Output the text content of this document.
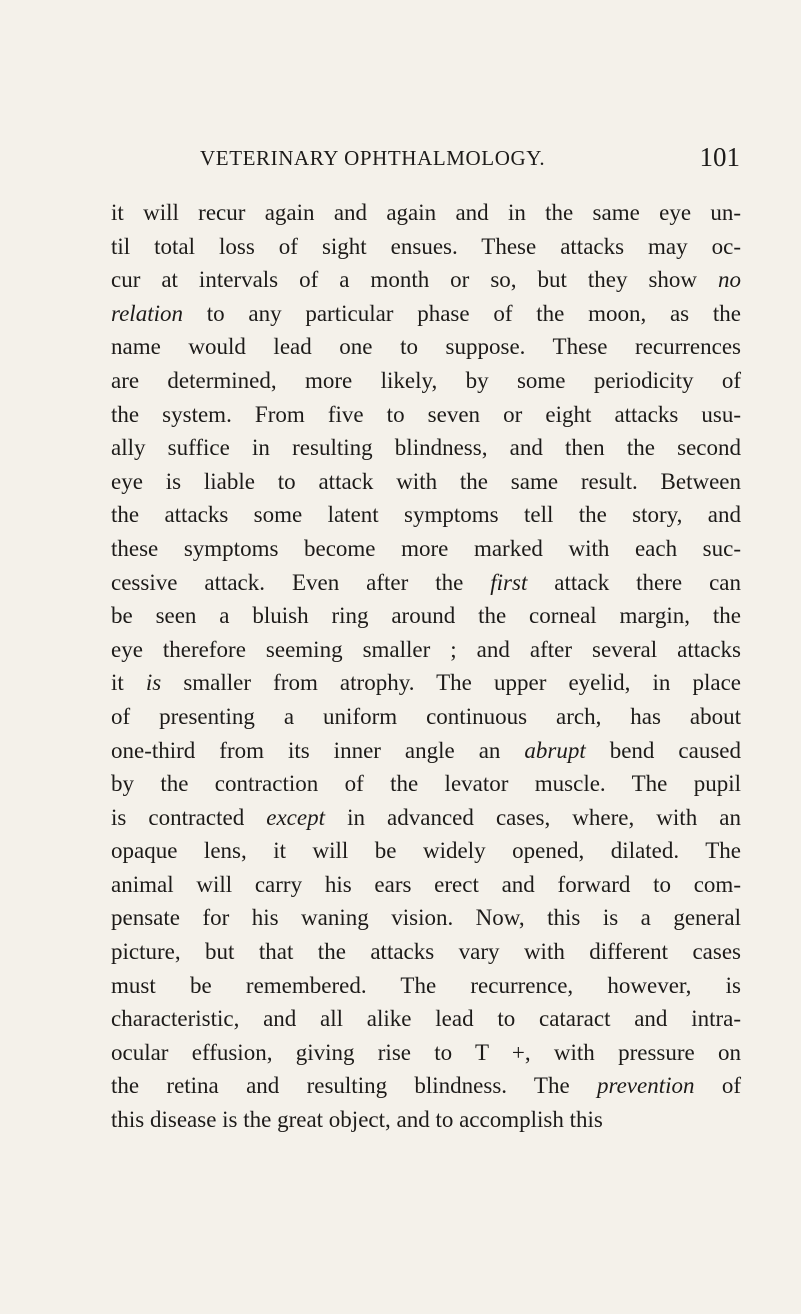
VETERINARY OPHTHALMOLOGY.	101
it will recur again and again and in the same eye un-
til total loss of sight ensues. These attacks may oc-
cur at intervals of a month or so, but they show no
relation to any particular phase of the moon, as the
name would lead one to suppose. These recurrences
are determined, more likely, by some periodicity of
the system. From five to seven or eight attacks usu-
ally suffice in resulting blindness, and then the second
eye is liable to attack with the same result. Between
the attacks some latent symptoms tell the story, and
these symptoms become more marked with each suc-
cessive attack. Even after the first attack there can
be seen a bluish ring around the corneal margin, the
eye therefore seeming smaller ; and after several attacks
it is smaller from atrophy. The upper eyelid, in place
of presenting a uniform continuous arch, has about
one-third from its inner angle an abrupt bend caused
by the contraction of the levator muscle. The pupil
is contracted except in advanced cases, where, with an
opaque lens, it will be widely opened, dilated. The
animal will carry his ears erect and forward to com-
pensate for his waning vision. Now, this is a general
picture, but that the attacks vary with different cases
must be remembered. The recurrence, however, is
characteristic, and all alike lead to cataract and intra-
ocular effusion, giving rise to T +, with pressure on
the retina and resulting blindness. The prevention of
this disease is the great object, and to accomplish this
